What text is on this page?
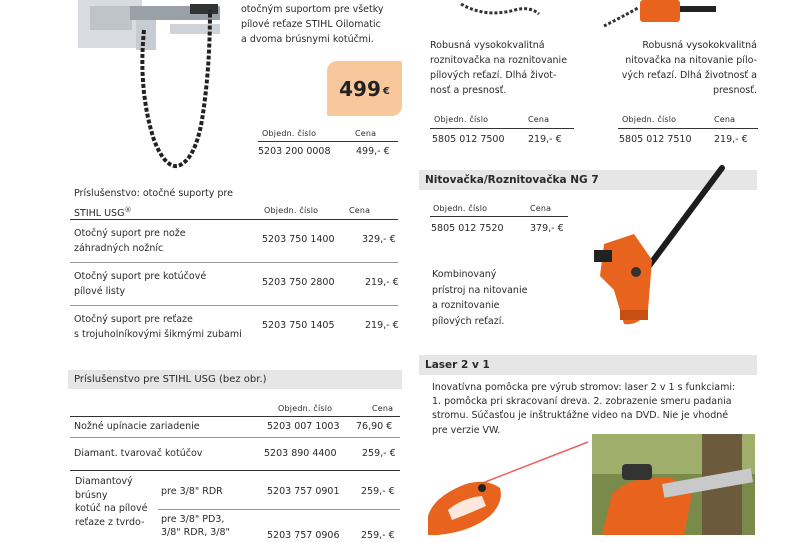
otočným suportom pre všetky
pílové reťaze STIHL Oilomatic
a dvoma brúsnymi kotúčmi.
499 €
Objedn. číslo	Cena
5203 200 0008	499,- €
Príslušenstvo: otočné suporty pre
STIHL USG®	Objedn. číslo	Cena
Otočný suport pre nože
záhradných nožníc
5203 750 1400	329,- €
Otočný suport pre kotúčové
pílové listy
5203 750 2800	219,- €
Otočný suport pre reťaze
s trojuholníkovými šikmými zubami
5203 750 1405	219,- €
Príslušenstvo pre STIHL USG (bez obr.)
Objedn. číslo	Cena
Nožné upínacie zariadenie	5203 007 1003 76,90 €
Diamant. tvarovač kotúčov	5203 890 4400	259,- €
Diamantový
brúsny
kotúč na pílové
reťaze z tvrdo-
pre 3/8" RDR	5203 757 0901 259,- €
pre 3/8" PD3,
3/8" RDR, 3/8"	5203 757 0906 259,- €
Robusná vysokokvalitná
roznitovačka na roznitovanie
pílových reťazí. Dlhá život-
nosť a presnosť.
Objedn. číslo	Cena
5805 012 7500 219,- €
Robusná vysokokvalitná
nitovačka na nitovanie pílo-
vých reťazí. Dlhá životnosť a
presnosť.
Objedn. číslo	Cena
5805 012 7510 219,- €
Nitovačka/Roznitovačka NG 7
Objedn. číslo	Cena
5805 012 7520	379,- €
Kombinovaný
prístroj na nitovanie
a roznitovanie
pílových reťazí.
Laser 2 v 1
Inovatívna pomôcka pre výrub stromov: laser 2 v 1 s funkciami:
1. pomôcka pri skracovaní dreva. 2. zobrazenie smeru padania
stromu. Súčasťou je inštruktážne video na DVD. Nie je vhodné
pre verzie VW.
